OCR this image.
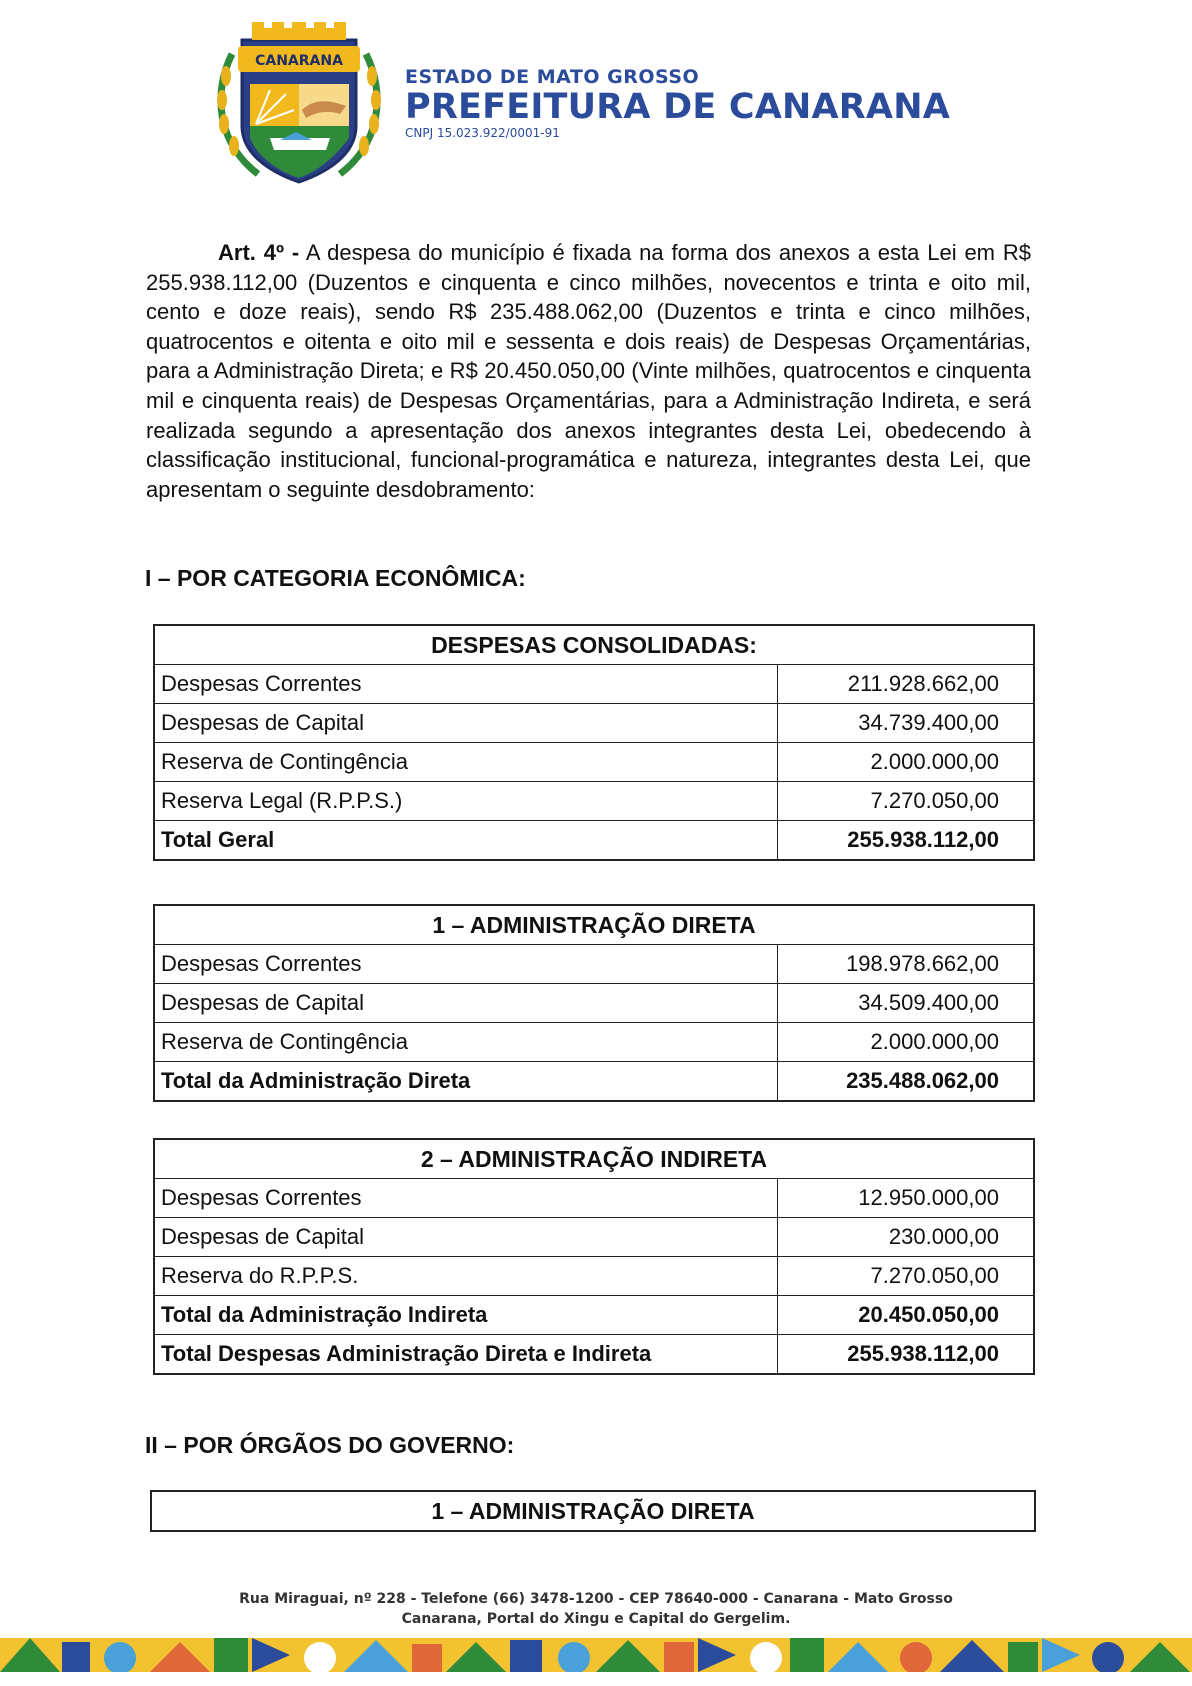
CANARANA
ESTADO DE MATO GROSSO
PREFEITURA DE CANARANA
CNPJ 15.023.922/0001-91
Art. 4º - A despesa do município é fixada na forma dos anexos a esta Lei em R$ 255.938.112,00 (Duzentos e cinquenta e cinco milhões, novecentos e trinta e oito mil, cento e doze reais), sendo R$ 235.488.062,00 (Duzentos e trinta e cinco milhões, quatrocentos e oitenta e oito mil e sessenta e dois reais) de Despesas Orçamentárias, para a Administração Direta; e R$ 20.450.050,00 (Vinte milhões, quatrocentos e cinquenta mil e cinquenta reais) de Despesas Orçamentárias, para a Administração Indireta, e será realizada segundo a apresentação dos anexos integrantes desta Lei, obedecendo à classificação institucional, funcional-programática e natureza, integrantes desta Lei, que apresentam o seguinte desdobramento:
I – POR CATEGORIA ECONÔMICA:
DESPESAS CONSOLIDADAS:	
Despesas Correntes	211.928.662,00
Despesas de Capital	34.739.400,00
Reserva de Contingência	2.000.000,00
Reserva Legal (R.P.P.S.)	7.270.050,00
Total Geral	255.938.112,00
1 – ADMINISTRAÇÃO DIRETA	
Despesas Correntes	198.978.662,00
Despesas de Capital	34.509.400,00
Reserva de Contingência	2.000.000,00
Total da Administração Direta	235.488.062,00
2 – ADMINISTRAÇÃO INDIRETA	
Despesas Correntes	12.950.000,00
Despesas de Capital	230.000,00
Reserva do R.P.P.S.	7.270.050,00
Total da Administração Indireta	20.450.050,00
Total Despesas Administração Direta e Indireta	255.938.112,00
II – POR ÓRGÃOS DO GOVERNO:
1 – ADMINISTRAÇÃO DIRETA
Rua Miraguai, nº 228 - Telefone (66) 3478-1200 - CEP 78640-000 - Canarana - Mato Grosso
Canarana, Portal do Xingu e Capital do Gergelim.
